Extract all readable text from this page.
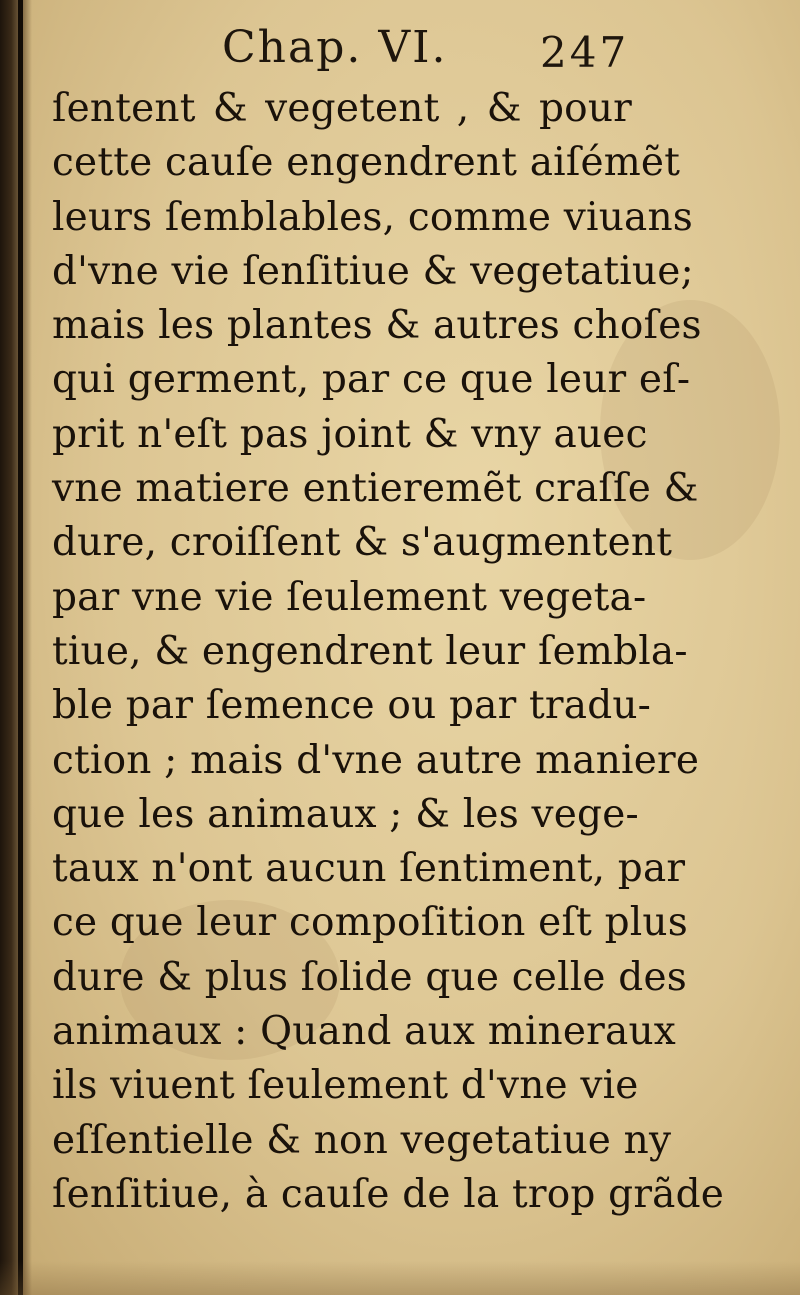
Chap. VI. 247
ſentent & vegetent , & pour
cette cauſe engendrent aiſémẽt
leurs ſemblables, comme viuans
d'vne vie ſenſitiue & vegetatiue;
mais les plantes & autres choſes
qui germent, par ce que leur eſ-
prit n'eſt pas joint & vny auec
vne matiere entieremẽt craſſe &
dure, croiſſent & s'augmentent
par vne vie ſeulement vegeta-
tiue, & engendrent leur ſembla-
ble par ſemence ou par tradu-
ction ; mais d'vne autre maniere
que les animaux ; & les vege-
taux n'ont aucun ſentiment, par
ce que leur compoſition eſt plus
dure & plus ſolide que celle des
animaux : Quand aux mineraux
ils viuent ſeulement d'vne vie
eſſentielle & non vegetatiue ny
ſenſitiue, à cauſe de la trop grãde
